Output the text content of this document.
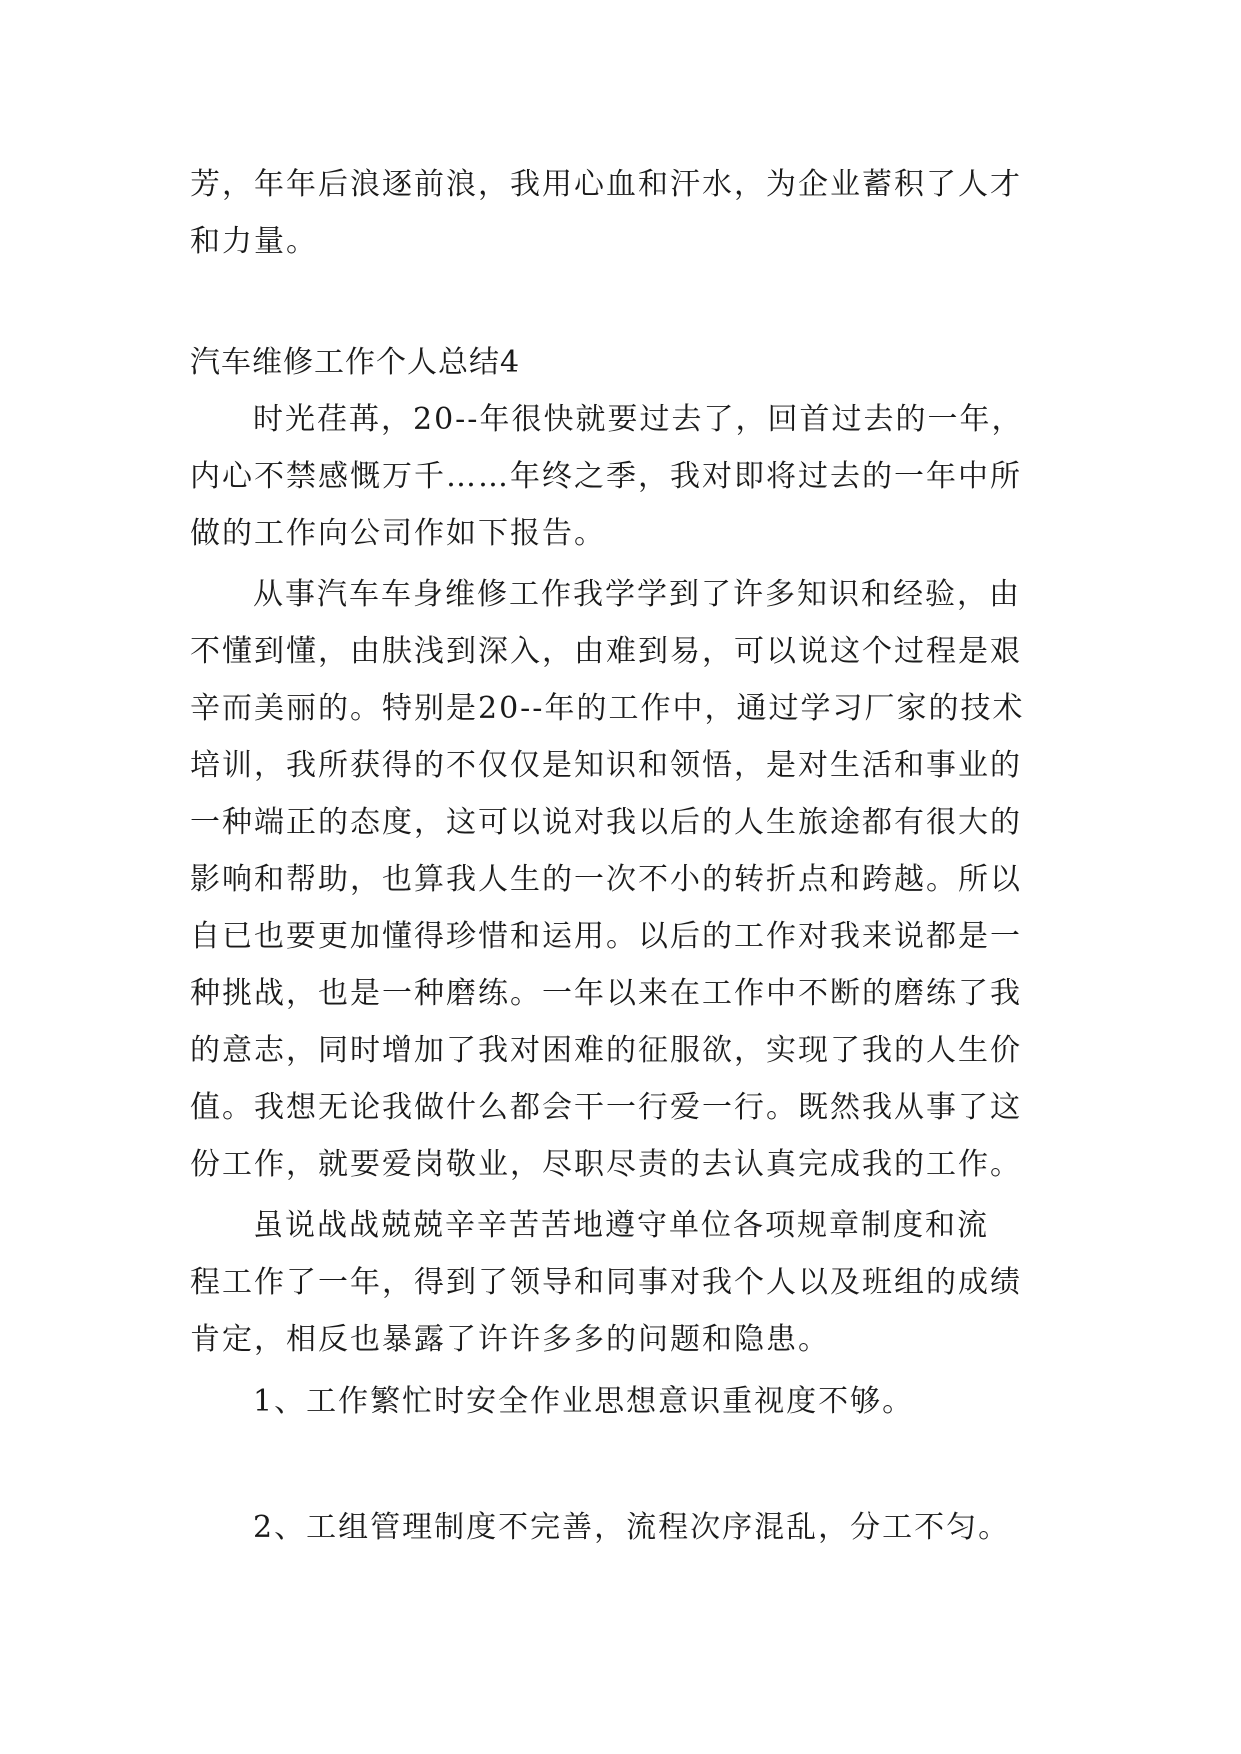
芳，年年后浪逐前浪，我用心血和汗水，为企业蓄积了人才
和力量。
汽车维修工作个人总结4
时光荏苒，20--年很快就要过去了，回首过去的一年，
内心不禁感慨万千……年终之季，我对即将过去的一年中所
做的工作向公司作如下报告。
从事汽车车身维修工作我学学到了许多知识和经验，由
不懂到懂，由肤浅到深入，由难到易，可以说这个过程是艰
辛而美丽的。特别是20--年的工作中，通过学习厂家的技术
培训，我所获得的不仅仅是知识和领悟，是对生活和事业的
一种端正的态度，这可以说对我以后的人生旅途都有很大的
影响和帮助，也算我人生的一次不小的转折点和跨越。所以
自已也要更加懂得珍惜和运用。以后的工作对我来说都是一
种挑战，也是一种磨练。一年以来在工作中不断的磨练了我
的意志，同时增加了我对困难的征服欲，实现了我的人生价
值。我想无论我做什么都会干一行爱一行。既然我从事了这
份工作，就要爱岗敬业，尽职尽责的去认真完成我的工作。
虽说战战兢兢辛辛苦苦地遵守单位各项规章制度和流
程工作了一年，得到了领导和同事对我个人以及班组的成绩
肯定，相反也暴露了许许多多的问题和隐患。
1、工作繁忙时安全作业思想意识重视度不够。
2、工组管理制度不完善，流程次序混乱，分工不匀。
